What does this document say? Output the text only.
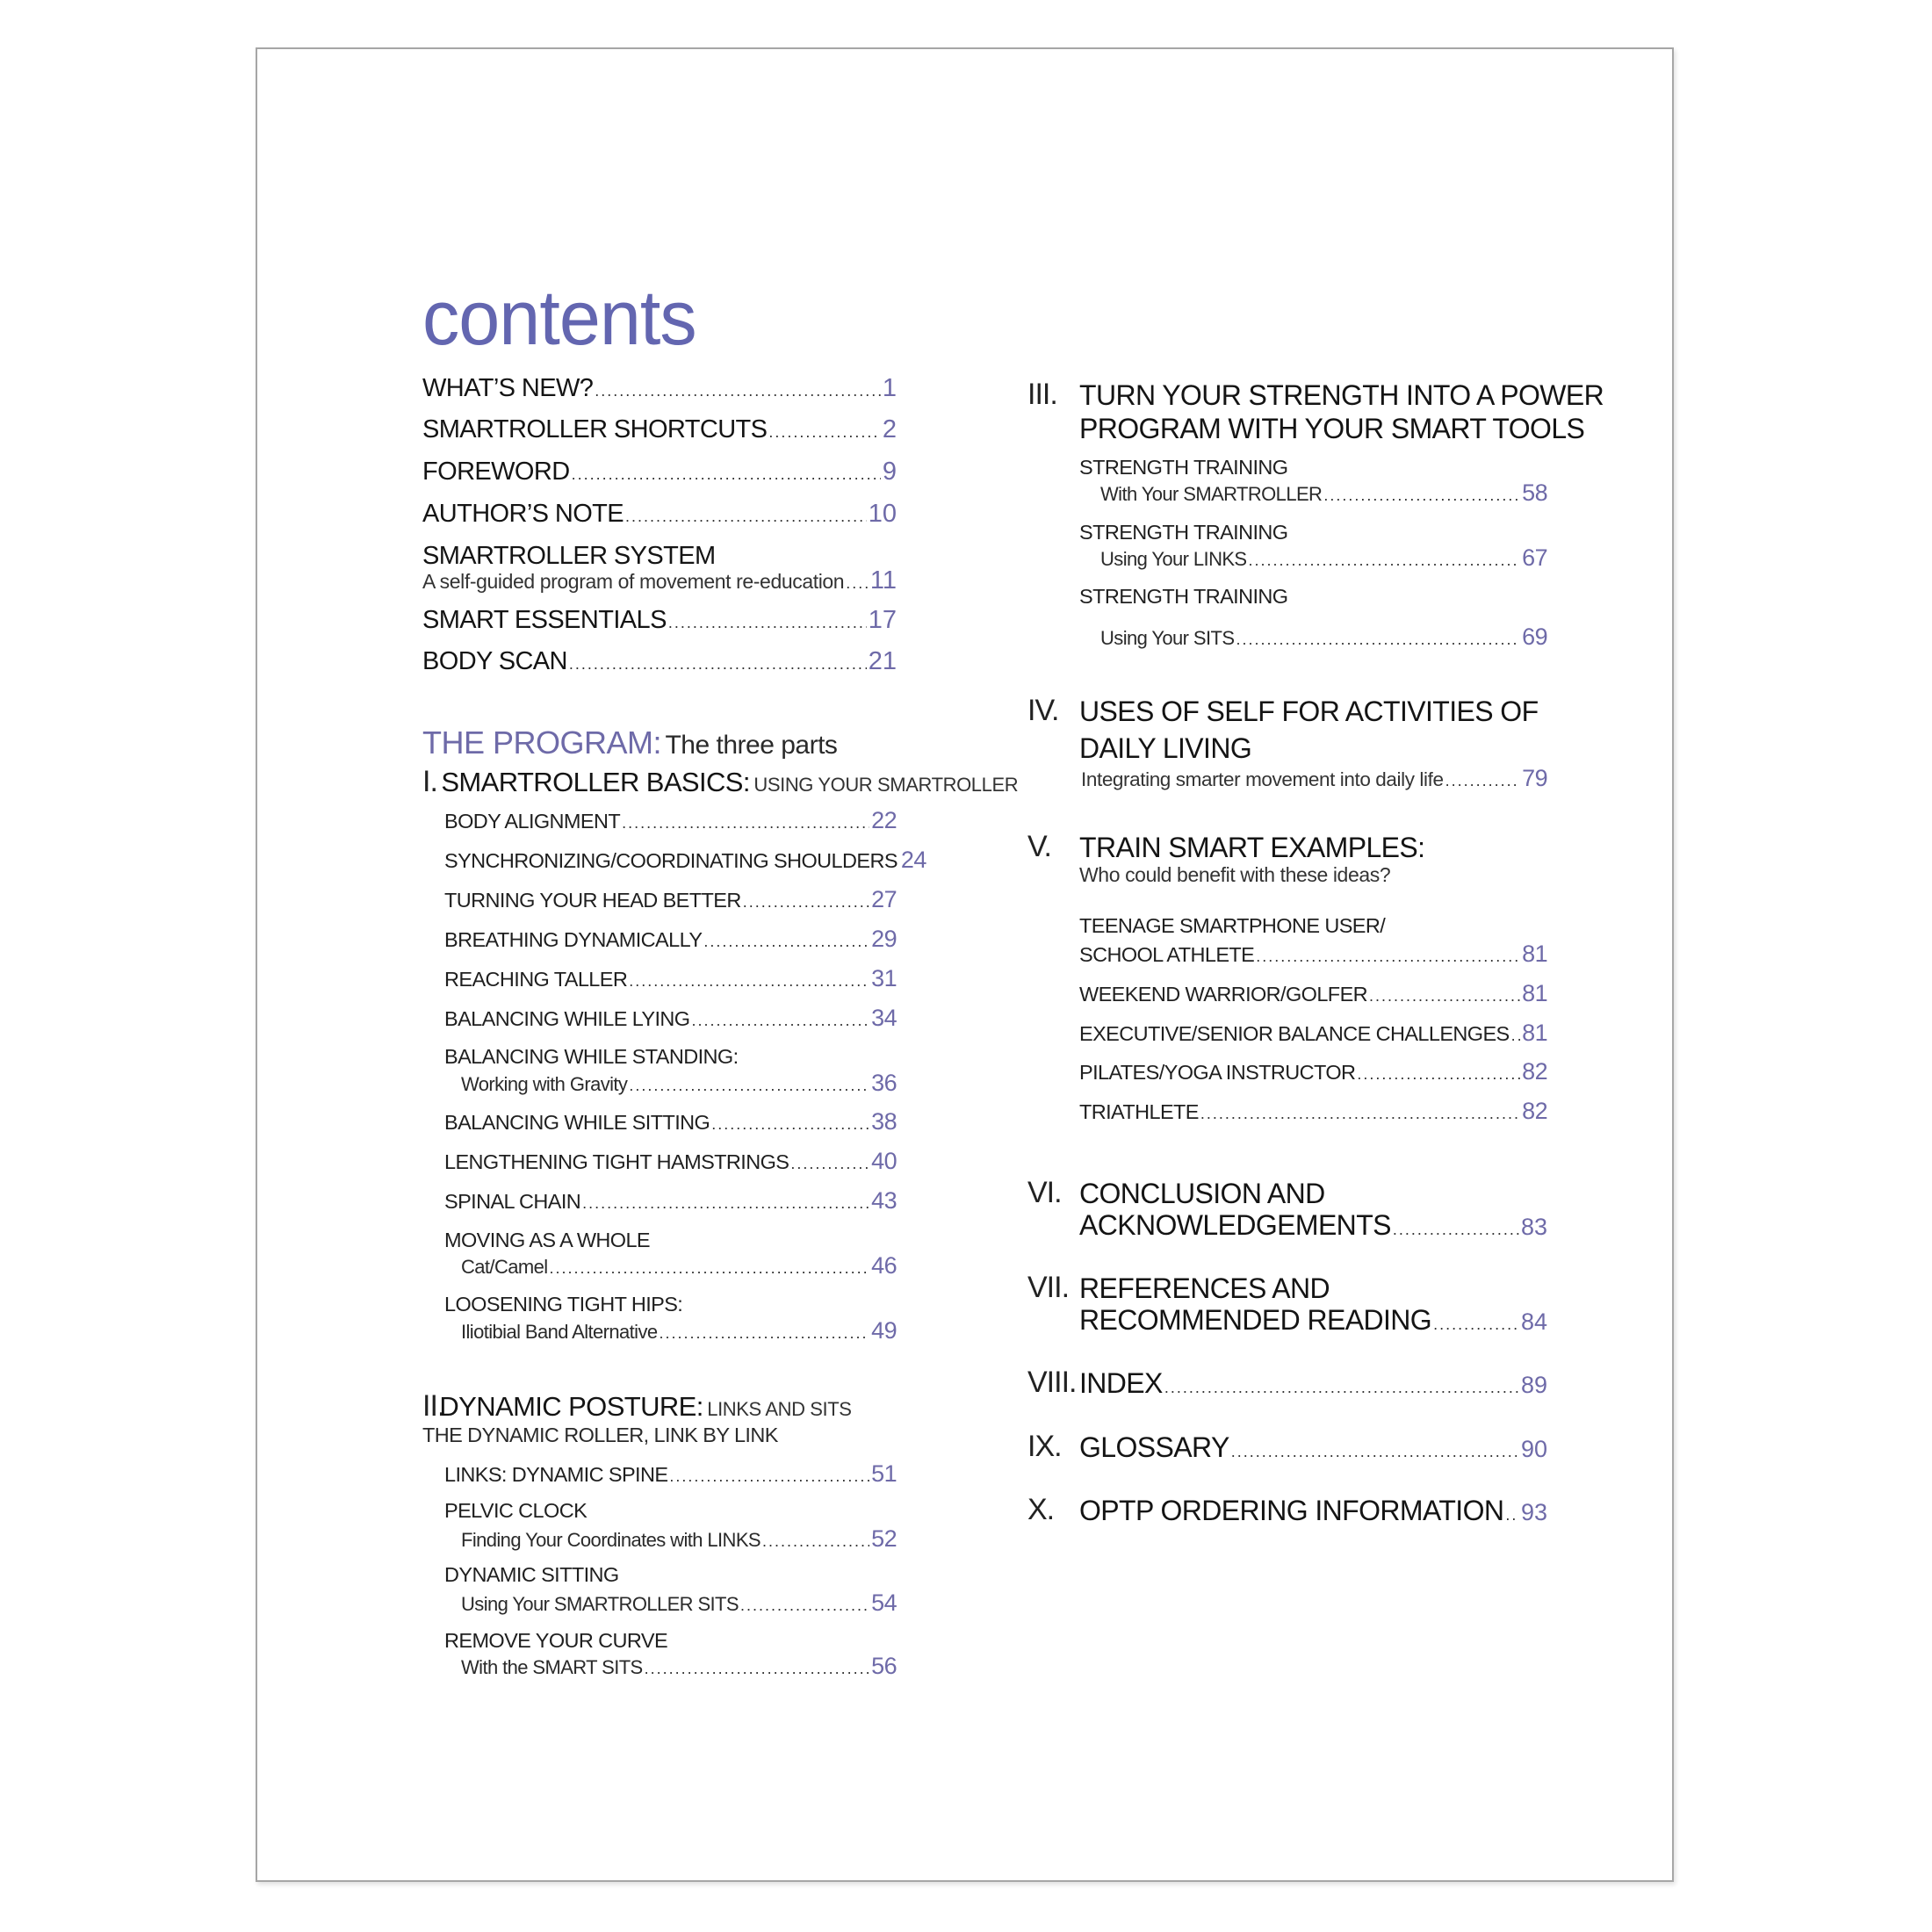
contents
WHAT’S NEW? .....	1
SMARTROLLER SHORTCUTS .....	2
FOREWORD .....	9
AUTHOR’S NOTE .....	10
SMARTROLLER SYSTEM
A self-guided program of movement re-education ..... 11
SMART ESSENTIALS .....	17
BODY SCAN .....	21
THE PROGRAM: The three parts
I. SMARTROLLER BASICS: USING YOUR SMARTROLLER
BODY ALIGNMENT .....	22
SYNCHRONIZING/COORDINATING SHOULDERS 24
TURNING YOUR HEAD BETTER .....	27
BREATHING DYNAMICALLY .....	29
REACHING TALLER .....	31
BALANCING WHILE LYING .....	34
BALANCING WHILE STANDING:
Working with Gravity .....	36
BALANCING WHILE SITTING .....	38
LENGTHENING TIGHT HAMSTRINGS .....	40
SPINAL CHAIN .....	43
MOVING AS A WHOLE
Cat/Camel .....	46
LOOSENING TIGHT HIPS:
Iliotibial Band Alternative .....	49
II.DYNAMIC POSTURE: LINKS AND SITS
THE DYNAMIC ROLLER, LINK BY LINK
LINKS: DYNAMIC SPINE .....	51
PELVIC CLOCK
Finding Your Coordinates with LINKS .....	52
DYNAMIC SITTING
Using Your SMARTROLLER SITS .....	54
REMOVE YOUR CURVE
With the SMART SITS .....	56
III. TURN YOUR STRENGTH INTO A POWER
PROGRAM WITH YOUR SMART TOOLS
STRENGTH TRAINING
With Your SMARTROLLER .....	58
STRENGTH TRAINING
Using Your LINKS .....	67
STRENGTH TRAINING
Using Your SITS .....	69
IV. USES OF SELF FOR ACTIVITIES OF
DAILY LIVING
Integrating smarter movement into daily life .....	79
V. TRAIN SMART EXAMPLES:
Who could benefit with these ideas?
TEENAGE SMARTPHONE USER/
SCHOOL ATHLETE .....	81
WEEKEND WARRIOR/GOLFER .....	81
EXECUTIVE/SENIOR BALANCE CHALLENGES ..... 81
PILATES/YOGA INSTRUCTOR .....	82
TRIATHLETE .....	82
VI. CONCLUSION AND
ACKNOWLEDGEMENTS .....	83
VII. REFERENCES AND
RECOMMENDED READING .....	84
VIII. INDEX .....	89
IX. GLOSSARY .....	90
X. OPTP ORDERING INFORMATION ..... 93
